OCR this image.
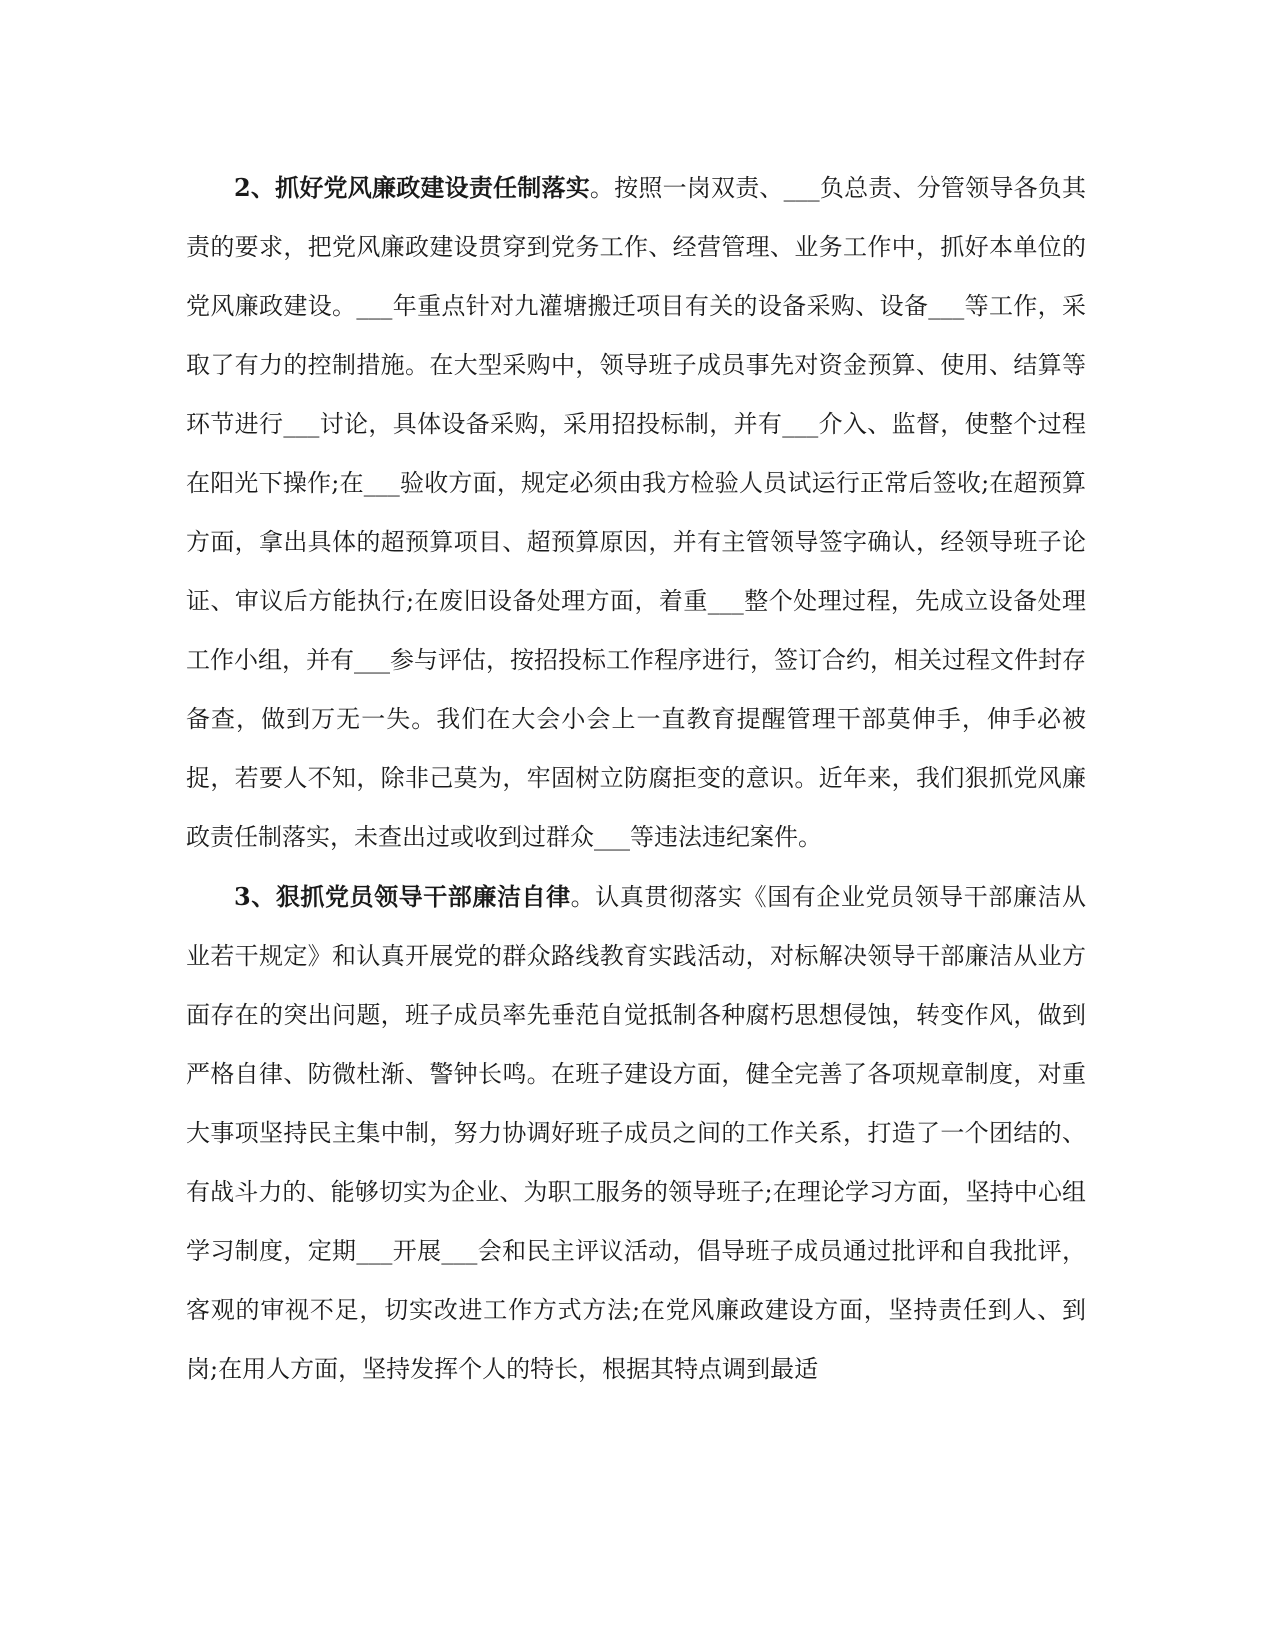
2、抓好党风廉政建设责任制落实。按照一岗双责、___负总责、分管领导各负其责的要求，把党风廉政建设贯穿到党务工作、经营管理、业务工作中，抓好本单位的党风廉政建设。___年重点针对九灌塘搬迁项目有关的设备采购、设备___等工作，采取了有力的控制措施。在大型采购中，领导班子成员事先对资金预算、使用、结算等环节进行___讨论，具体设备采购，采用招投标制，并有___介入、监督，使整个过程在阳光下操作;在___验收方面，规定必须由我方检验人员试运行正常后签收;在超预算方面，拿出具体的超预算项目、超预算原因，并有主管领导签字确认，经领导班子论证、审议后方能执行;在废旧设备处理方面，着重___整个处理过程，先成立设备处理工作小组，并有___参与评估，按招投标工作程序进行，签订合约，相关过程文件封存备查，做到万无一失。我们在大会小会上一直教育提醒管理干部莫伸手，伸手必被捉，若要人不知，除非己莫为，牢固树立防腐拒变的意识。近年来，我们狠抓党风廉政责任制落实，未查出过或收到过群众___等违法违纪案件。

3、狠抓党员领导干部廉洁自律。认真贯彻落实《国有企业党员领导干部廉洁从业若干规定》和认真开展党的群众路线教育实践活动，对标解决领导干部廉洁从业方面存在的突出问题，班子成员率先垂范自觉抵制各种腐朽思想侵蚀，转变作风，做到严格自律、防微杜渐、警钟长鸣。在班子建设方面，健全完善了各项规章制度，对重大事项坚持民主集中制，努力协调好班子成员之间的工作关系，打造了一个团结的、有战斗力的、能够切实为企业、为职工服务的领导班子;在理论学习方面，坚持中心组学习制度，定期___开展___会和民主评议活动，倡导班子成员通过批评和自我批评，客观的审视不足，切实改进工作方式方法;在党风廉政建设方面，坚持责任到人、到岗;在用人方面，坚持发挥个人的特长，根据其特点调到最适
